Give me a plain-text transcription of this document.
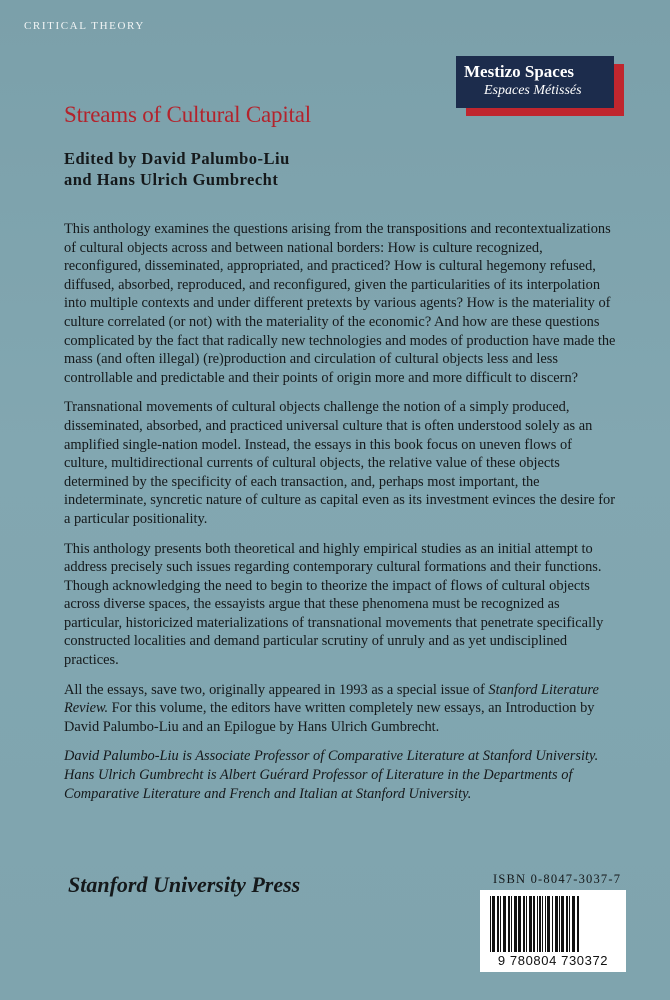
CRITICAL THEORY
Mestizo Spaces
Espaces Métissés
Streams of Cultural Capital
Edited by David Palumbo-Liu
and Hans Ulrich Gumbrecht

This anthology examines the questions arising from the transpositions and recontextualizations of cultural objects across and between national borders: How is culture recognized, reconfigured, disseminated, appropriated, and practiced? How is cultural hegemony refused, diffused, absorbed, reproduced, and reconfigured, given the particularities of its interpolation into multiple contexts and under different pretexts by various agents? How is the materiality of culture correlated (or not) with the materiality of the economic? And how are these questions complicated by the fact that radically new technologies and modes of production have made the mass (and often illegal) (re)production and circulation of cultural objects less and less controllable and predictable and their points of origin more and more difficult to discern?

Transnational movements of cultural objects challenge the notion of a simply produced, disseminated, absorbed, and practiced universal culture that is often understood solely as an amplified single-nation model. Instead, the essays in this book focus on uneven flows of culture, multidirectional currents of cultural objects, the relative value of these objects determined by the specificity of each transaction, and, perhaps most important, the indeterminate, syncretic nature of culture as capital even as its investment evinces the desire for a particular positionality.

This anthology presents both theoretical and highly empirical studies as an initial attempt to address precisely such issues regarding contemporary cultural formations and their functions. Though acknowledging the need to begin to theorize the impact of flows of cultural objects across diverse spaces, the essayists argue that these phenomena must be recognized as particular, historicized materializations of transnational movements that penetrate specifically constructed localities and demand particular scrutiny of unruly and as yet undisciplined practices.

All the essays, save two, originally appeared in 1993 as a special issue of Stanford Literature Review. For this volume, the editors have written completely new essays, an Introduction by David Palumbo-Liu and an Epilogue by Hans Ulrich Gumbrecht.

David Palumbo-Liu is Associate Professor of Comparative Literature at Stanford University. Hans Ulrich Gumbrecht is Albert Guérard Professor of Literature in the Departments of Comparative Literature and French and Italian at Stanford University.

Stanford University Press	ISBN 0-8047-3037-7
9 780804 730372
